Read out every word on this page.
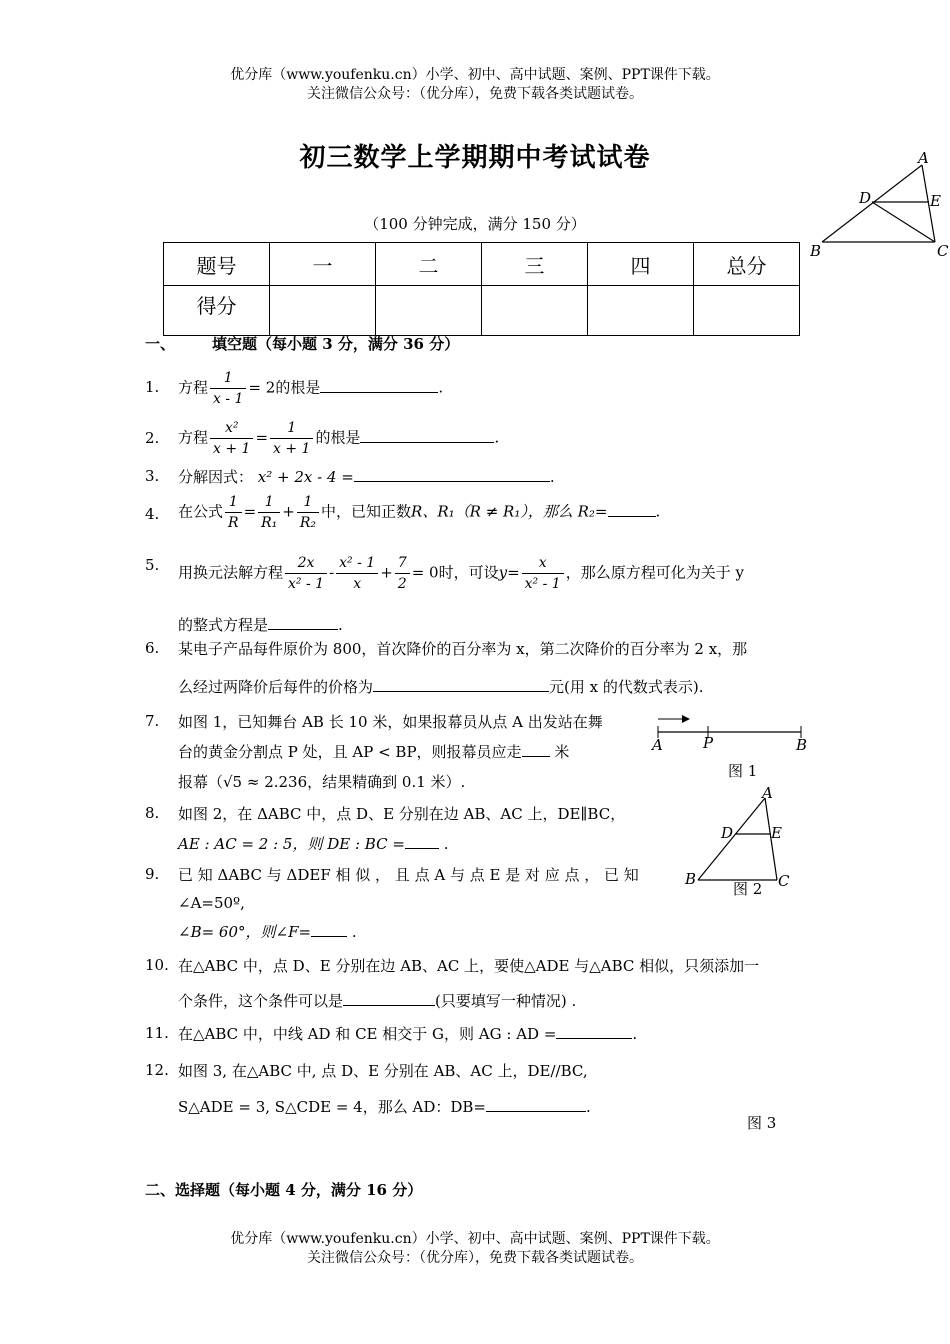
优分库（www.youfenku.cn）小学、初中、高中试题、案例、PPT课件下载。
关注微信公众号：（优分库），免费下载各类试题试卷。
初三数学上学期期中考试试卷
（100 分钟完成，满分 150 分）
A
D	E
B	C
题号	一	二	三	四	总分
得分					
一、 填空题（每小题 3 分，满分 36 分）
1. 方程 $\frac{1}{x - 1} = 2$的根是	.
2. 方程 $\frac{\text{x²}}{x + 1} = \frac{1}{x + 1}$ 的根是	.
3. 分解因式： x² + 2x - 4 =	.
4. 在公式 $\frac{1}{R} = \frac{1}{\text{R₁}} + \frac{1}{\text{R₂}}$ 中，已知正数R、R₁（R ≠ R₁），那么 R₂=	.
5. 用换元法解方程 $\frac{2x}{\text{x² - 1}} - \frac{\text{x² - 1}}{x} + \frac{7}{2} = 0$时，可设$y= \frac{x}{\text{x² - 1}}$ ，那么原方程可化为关于 y
的整式方程是	.
6. 某电子产品每件原价为 800，首次降价的百分率为 x，第二次降价的百分率为 2 x，那
么经过两降价后每件的价格为	元(用 x 的代数式表示).
7. 如图 1，已知舞台 AB 长 10 米，如果报幕员从点 A 出发站在舞
台的黄金分割点 P 处，且 AP < BP，则报幕员应走 米
报幕（√5 ≈ 2.236，结果精确到 0.1 米）.
A	P	B
图 1
8. 如图 2，在 ΔABC 中，点 D、E 分别在边 AB、AC 上，DE∥BC，
AE : AC = 2 : 5，则 DE : BC =	.
A
D	E
B	C
图 2
9. 已 知 ΔABC 与 ΔDEF 相 似 ， 且 点 A 与 点 E 是 对 应 点 ， 已 知
∠A=50º,
∠B= 60°，则∠F=	.
10. 在△ABC 中，点 D、E 分别在边 AB、AC 上，要使△ADE 与△ABC 相似，只须添加一
个条件，这个条件可以是	(只要填写一种情况) .
11. 在△ABC 中，中线 AD 和 CE 相交于 G，则 AG : AD =	.
12. 如图 3, 在△ABC 中, 点 D、E 分别在 AB、AC 上，DE//BC,
S△ADE = 3, S△CDE = 4，那么 AD：DB=	.
图 3
二、选择题（每小题 4 分，满分 16 分）
优分库（www.youfenku.cn）小学、初中、高中试题、案例、PPT课件下载。
关注微信公众号：（优分库），免费下载各类试题试卷。
